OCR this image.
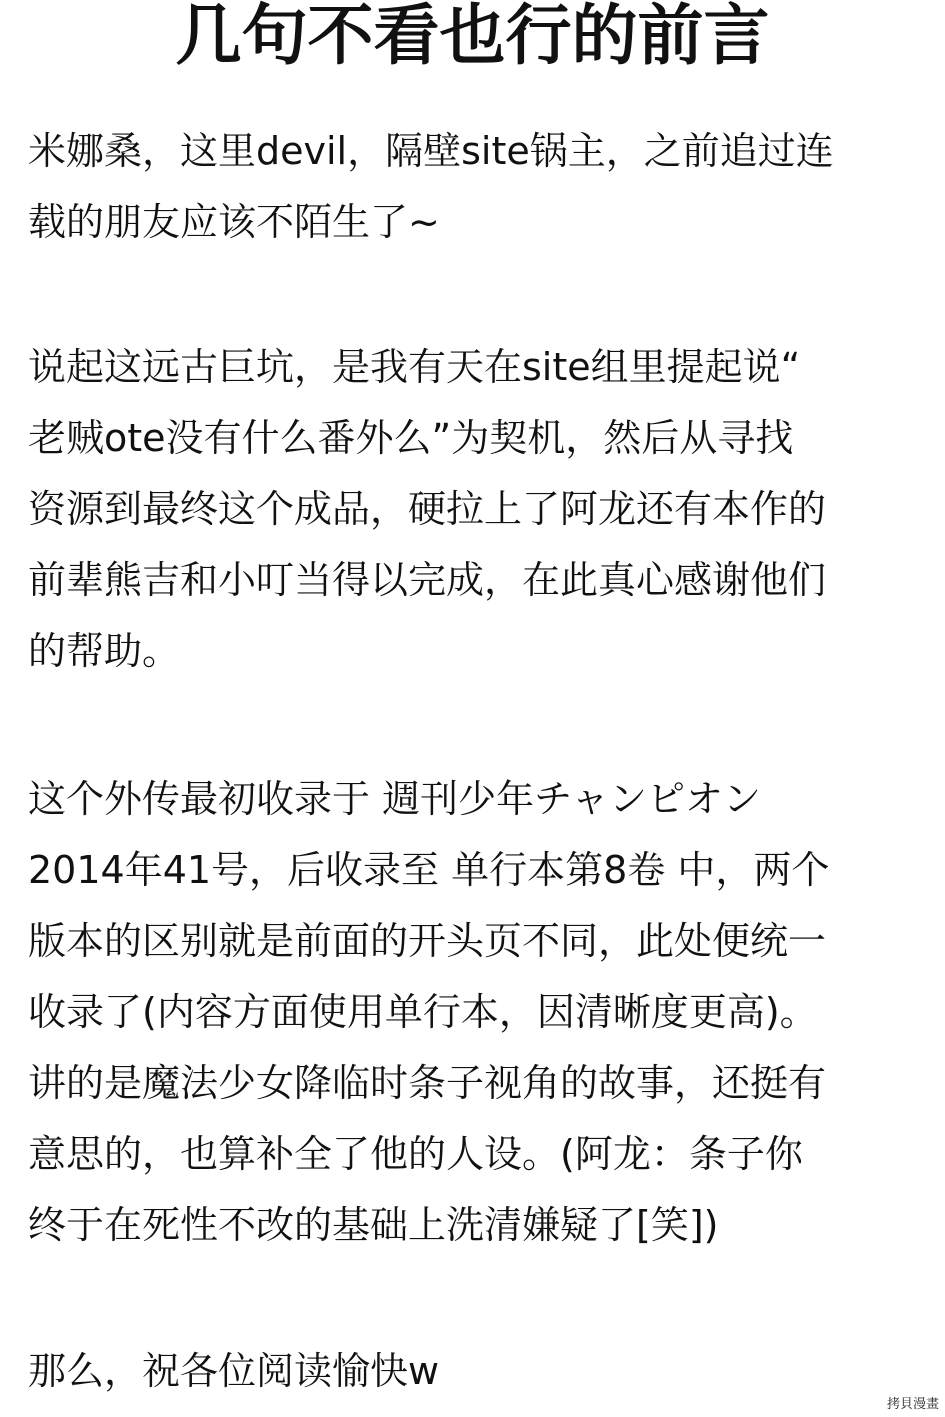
几句不看也行的前言
米娜桑，这里devil，隔壁site锅主，之前追过连
载的朋友应该不陌生了~
说起这远古巨坑，是我有天在site组里提起说“
老贼ote没有什么番外么”为契机，然后从寻找
资源到最终这个成品，硬拉上了阿龙还有本作的
前辈熊吉和小叮当得以完成，在此真心感谢他们
的帮助。
这个外传最初收录于 週刊少年チャンピオン
2014年41号，后收录至 单行本第8卷 中，两个
版本的区别就是前面的开头页不同，此处便统一
收录了(内容方面使用单行本，因清晰度更高)。
讲的是魔法少女降临时条子视角的故事，还挺有
意思的，也算补全了他的人设。(阿龙：条子你
终于在死性不改的基础上洗清嫌疑了[笑])
那么，祝各位阅读愉快w
拷貝漫畫
